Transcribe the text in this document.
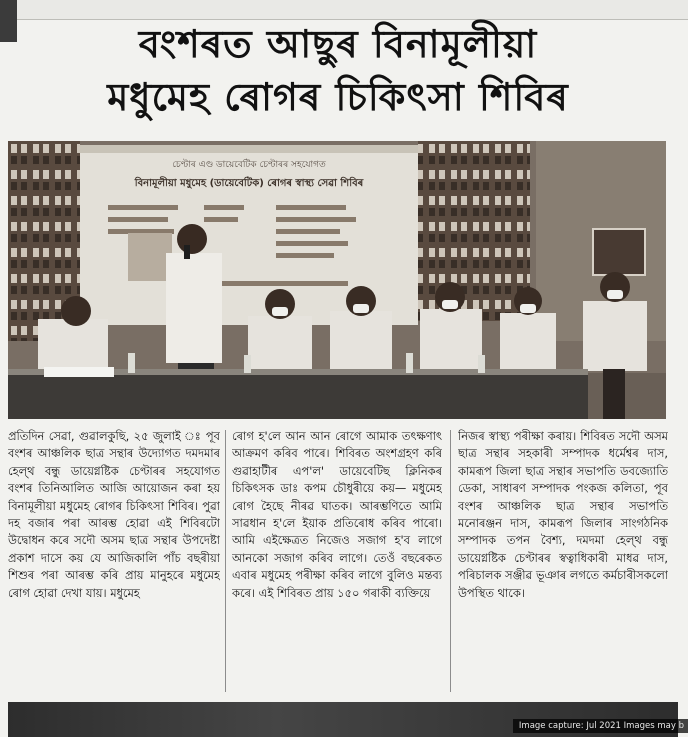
বংশৰত আছুৰ বিনামূলীয়া
মধুমেহ ৰোগৰ চিকিৎসা শিবিৰ
চেণ্টাৰ এণ্ড ডায়েবেটিক চেণ্টাৰৰ সহযোগত
বিনামূলীয়া মধুমেহ (ডায়েবেটিক) ৰোগৰ স্বাস্থ্য সেৱা শিবিৰ

প্ৰতিদিন সেৱা, গুৱালকুছি, ২৫ জুলাই ঃ পূব বংশৰ আঞ্চলিক ছাত্ৰ সন্থাৰ উদ্যোগত দমদমাৰ হেল্‌থ বন্ধু ডায়েগ্নষ্টিক চেণ্টাৰৰ সহযোগত বংশৰ তিনিআলিত আজি আয়োজন কৰা হয় বিনামূলীয়া মধুমেহ ৰোগৰ চিকিৎসা শিবিৰ। পুৱা দহ বজাৰ পৰা আৰম্ভ হোৱা এই শিবিৰটো উদ্বোধন কৰে সদৌ অসম ছাত্ৰ সন্থাৰ উপদেষ্টা প্ৰকাশ দাসে কয় যে আজিকালি পাঁচ বছৰীয়া শিশুৰ পৰা আৰম্ভ কৰি প্ৰায় মানুহৰে মধুমেহ ৰোগ হোৱা দেখা যায়। মধুমেহ

ৰোগ হ'লে আন আন ৰোগে আমাক তৎক্ষণাৎ আক্ৰমণ কৰিব পাৰে। শিবিৰত অংশগ্ৰহণ কৰি গুৱাহাটীৰ এপ'ল' ডায়েবেটিছ ক্লিনিকৰ চিকিৎসক ডাঃ কপম চৌধুৰীয়ে কয়— মধুমেহ ৰোগ হৈছে নীৰৱ ঘাতক। আৰম্ভণিতে আমি সাৱধান হ'লে ইয়াক প্ৰতিৰোধ কৰিব পাৰো। আমি এইক্ষেত্ৰত নিজেও সজাগ হ'ব লাগে আনকো সজাগ কৰিব লাগে। তেওঁ বছৰেকত এবাৰ মধুমেহ পৰীক্ষা কৰিব লাগে বুলিও মন্তব্য কৰে। এই শিবিৰত প্ৰায় ১৫০ গৰাকী ব্যক্তিয়ে

নিজৰ স্বাস্থ্য পৰীক্ষা কৰায়। শিবিৰত সদৌ অসম ছাত্ৰ সন্থাৰ সহকাৰী সম্পাদক ধৰ্মেশ্বৰ দাস, কামৰূপ জিলা ছাত্ৰ সন্থাৰ সভাপতি ডবজ্যোতি ডেকা, সাধাৰণ সম্পাদক পংকজ কলিতা, পূব বংশৰ আঞ্চলিক ছাত্ৰ সন্থাৰ সভাপতি মনোৰঞ্জন দাস, কামৰূপ জিলাৰ সাংগঠনিক সম্পাদক তপন বৈশ্য, দমদমা হেল্‌থ বন্ধু ডায়েগ্নষ্টিক চেণ্টাৰৰ স্বত্বাধিকাৰী মাধৱ দাস, পৰিচালক সঞ্জীৱ ভূঞাৰ লগতে কৰ্মচাৰীসকলো উপস্থিত থাকে।

Image capture: Jul 2021 Images may b
